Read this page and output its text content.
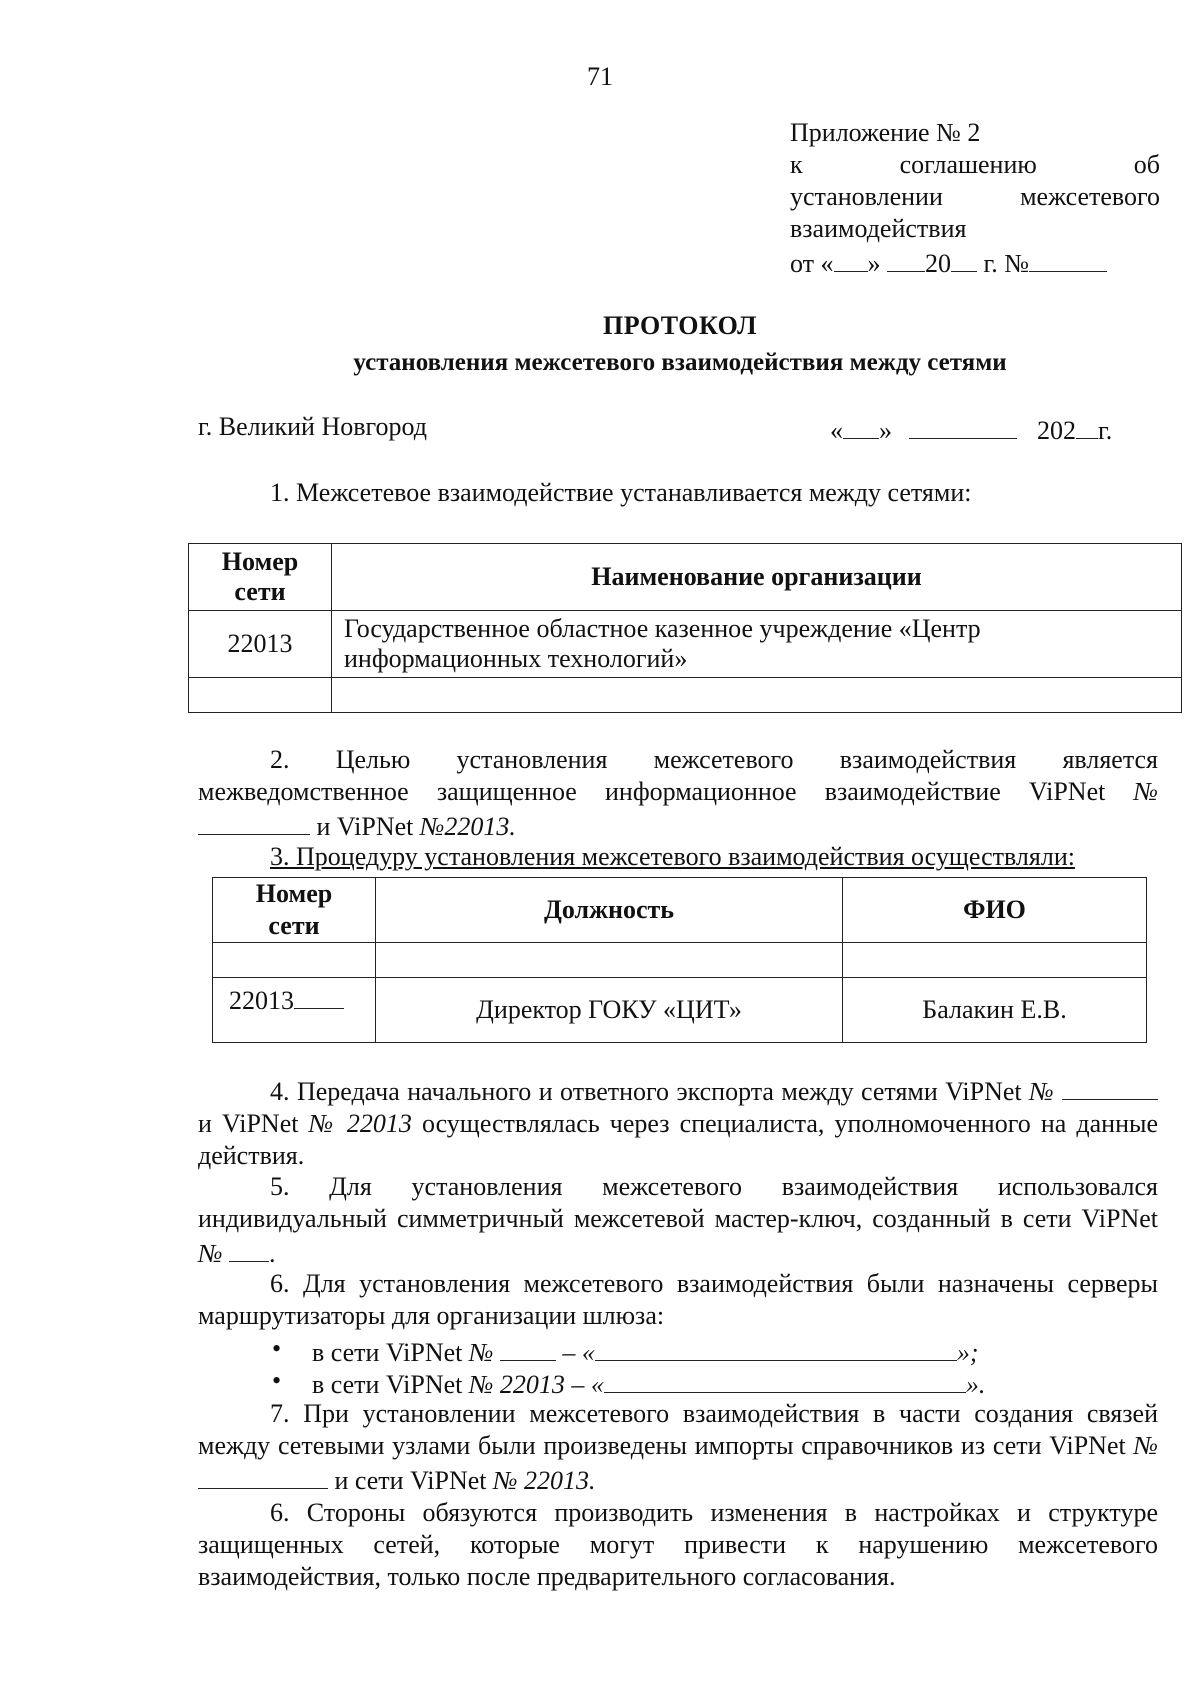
71
Приложение № 2
к	соглашению	об
установлении	межсетевого
взаимодействия
от « » 20 г. №
ПРОТОКОЛ
установления межсетевого взаимодействия между сетями
г. Великий Новгород	« »	202 г.
1. Межсетевое взаимодействие устанавливается между сетями:
Номер сети	Наименование организации
22013	Государственное областное казенное учреждение «Центр информационных технологий»

2. Целью установления межсетевого взаимодействия является межведомственное защищенное информационное взаимодействие ViPNet № и ViPNet №22013.
3. Процедуру установления межсетевого взаимодействия осуществляли:
Номер сети	Должность	ФИО

22013	Директор ГОКУ «ЦИТ»	Балакин Е.В.
4. Передача начального и ответного экспорта между сетями ViPNet №  и ViPNet № 22013 осуществлялась через специалиста, уполномоченного на данные действия.
5. Для установления межсетевого взаимодействия использовался индивидуальный симметричный межсетевой мастер-ключ, созданный в сети ViPNet № .
6. Для установления межсетевого взаимодействия были назначены серверы маршрутизаторы для организации шлюза:
• в сети ViPNet №  – «	»;
• в сети ViPNet № 22013 – «	».
7. При установлении межсетевого взаимодействия в части создания связей между сетевыми узлами были произведены импорты справочников из сети ViPNet №  и сети ViPNet № 22013.
6. Стороны обязуются производить изменения в настройках и структуре защищенных сетей, которые могут привести к нарушению межсетевого взаимодействия, только после предварительного согласования.
